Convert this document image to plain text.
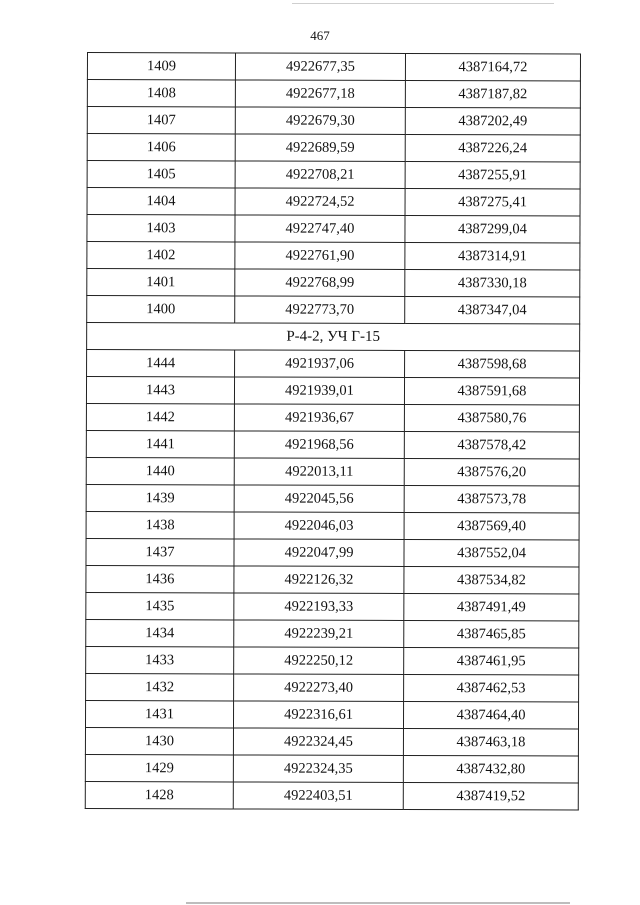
467
1409	4922677,35	4387164,72
1408	4922677,18	4387187,82
1407	4922679,30	4387202,49
1406	4922689,59	4387226,24
1405	4922708,21	4387255,91
1404	4922724,52	4387275,41
1403	4922747,40	4387299,04
1402	4922761,90	4387314,91
1401	4922768,99	4387330,18
1400	4922773,70	4387347,04
Р-4-2, УЧ Г-15		
1444	4921937,06	4387598,68
1443	4921939,01	4387591,68
1442	4921936,67	4387580,76
1441	4921968,56	4387578,42
1440	4922013,11	4387576,20
1439	4922045,56	4387573,78
1438	4922046,03	4387569,40
1437	4922047,99	4387552,04
1436	4922126,32	4387534,82
1435	4922193,33	4387491,49
1434	4922239,21	4387465,85
1433	4922250,12	4387461,95
1432	4922273,40	4387462,53
1431	4922316,61	4387464,40
1430	4922324,45	4387463,18
1429	4922324,35	4387432,80
1428	4922403,51	4387419,52
